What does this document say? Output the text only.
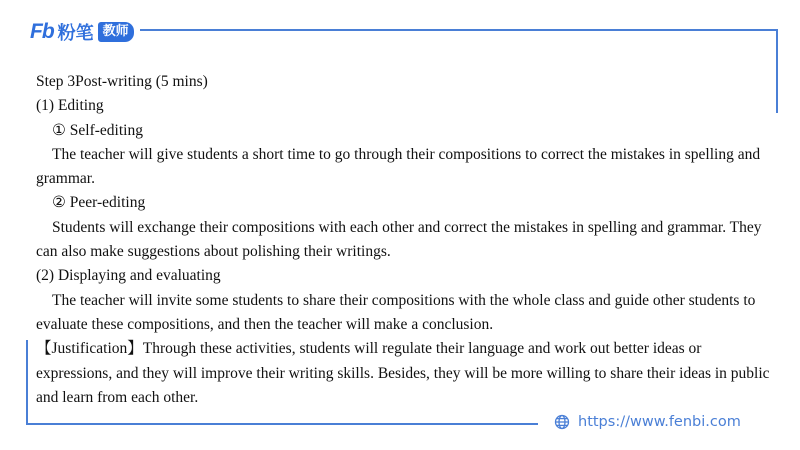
Fb 粉笔 教师

Step 3Post-writing (5 mins)

(1) Editing

① Self-editing

The teacher will give students a short time to go through their compositions to correct the mistakes in spelling and grammar.

② Peer-editing

Students will exchange their compositions with each other and correct the mistakes in spelling and grammar. They can also make suggestions about polishing their writings.

(2) Displaying and evaluating

The teacher will invite some students to share their compositions with the whole class and guide other students to evaluate these compositions, and then the teacher will make a conclusion.

【Justification】Through these activities, students will regulate their language and work out better ideas or expressions, and they will improve their writing skills. Besides, they will be more willing to share their ideas in public and learn from each other.

https://www.fenbi.com
